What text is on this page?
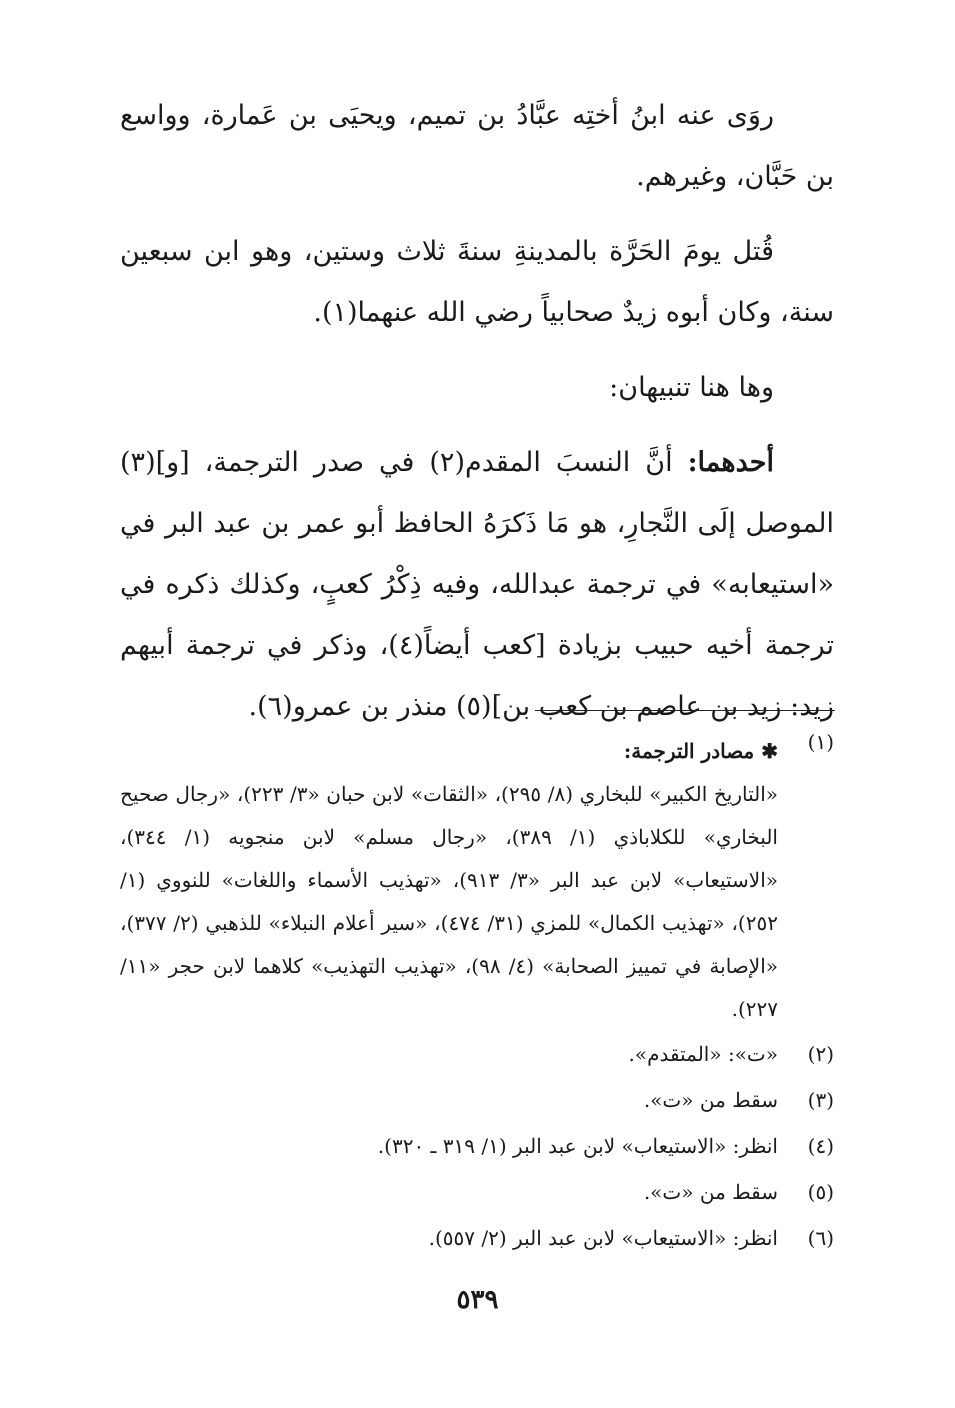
روَى عنه ابنُ أختِه عبَّادُ بن تميم، ويحيَى بن عَمارة، وواسع بن حَبَّان، وغيرهم.

قُتل يومَ الحَرَّة بالمدينةِ سنةَ ثلاث وستين، وهو ابن سبعين سنة، وكان أبوه زيدٌ صحابياً رضي الله عنهما(١).

وها هنا تنبيهان:

أحدهما: أنَّ النسبَ المقدم(٢) في صدر الترجمة، [و](٣) الموصل إلَى النَّجارِ، هو مَا ذَكرَهُ الحافظ أبو عمر بن عبد البر في «استيعابه» في ترجمة عبدالله، وفيه ذِكْرُ كعبٍ، وكذلك ذكره في ترجمة أخيه حبيب بزيادة [كعب أيضاً(٤)، وذكر في ترجمة أبيهم زيد: زيد بن عاصم بن كعب بن](٥) منذر بن عمرو(٦).

(١)
✱ مصادر الترجمة:
«التاريخ الكبير» للبخاري (٨/ ٢٩٥)، «الثقات» لابن حبان «٣/ ٢٢٣)، «رجال صحيح البخاري» للكلاباذي (١/ ٣٨٩)، «رجال مسلم» لابن منجويه (١/ ٣٤٤)، «الاستيعاب» لابن عبد البر «٣/ ٩١٣)، «تهذيب الأسماء واللغات» للنووي (١/ ٢٥٢)، «تهذيب الكمال» للمزي (٣١/ ٤٧٤)، «سير أعلام النبلاء» للذهبي (٢/ ٣٧٧)، «الإصابة في تمييز الصحابة» (٤/ ٩٨)، «تهذيب التهذيب» كلاهما لابن حجر «١١/ ٢٢٧).
(٢)
«ت»: «المتقدم».
(٣)
سقط من «ت».
(٤)
انظر: «الاستيعاب» لابن عبد البر (١/ ٣١٩ ـ ٣٢٠).
(٥)
سقط من «ت».
(٦)
انظر: «الاستيعاب» لابن عبد البر (٢/ ٥٥٧).
٥٣٩
